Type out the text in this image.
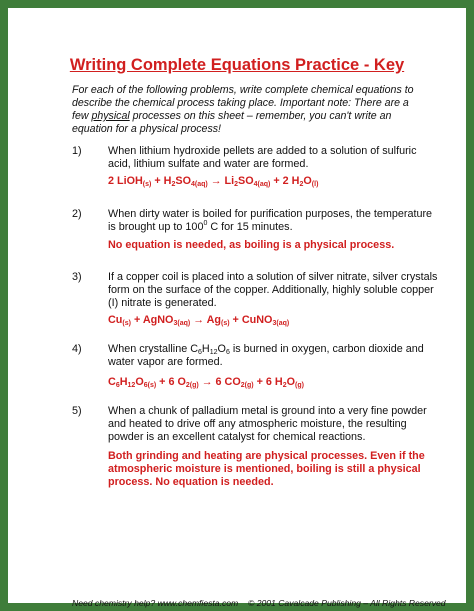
Writing Complete Equations Practice - Key
For each of the following problems, write complete chemical equations to describe the chemical process taking place. Important note: There are a few physical processes on this sheet – remember, you can't write an equation for a physical process!
1) When lithium hydroxide pellets are added to a solution of sulfuric acid, lithium sulfate and water are formed.
2 LiOH$_{(s)}$ + $H_2SO_{4(aq)} \to Li_2SO_{4(aq)} + 2$ $H_2O_{(l)}$
2) When dirty water is boiled for purification purposes, the temperature is brought up to $100^0$ C for 15 minutes.
No equation is needed, as boiling is a physical process.
3) If a copper coil is placed into a solution of silver nitrate, silver crystals form on the surface of the copper. Additionally, highly soluble copper (I) nitrate is generated.
$Cu_{(s)}$ + AgNO$_{3(aq)}$ → $Ag_{(s)}$ + CuNO$_{3(aq)}$
4) When crystalline $C_6H_{12}O_6$ is burned in oxygen, carbon dioxide and water vapor are formed.
$C_6H_{12}O_{6(s)} + 6$ $O_{2(g)} \to 6$ $CO_{2(g)} + 6$ $H_2O_{(g)}$
5) When a chunk of palladium metal is ground into a very fine powder and heated to drive off any atmospheric moisture, the resulting powder is an excellent catalyst for chemical reactions.
Both grinding and heating are physical processes. Even if the atmospheric moisture is mentioned, boiling is still a physical process. No equation is needed.
Need chemistry help? www.chemfiesta.com © 2001 Cavalcade Publishing – All Rights Reserved
